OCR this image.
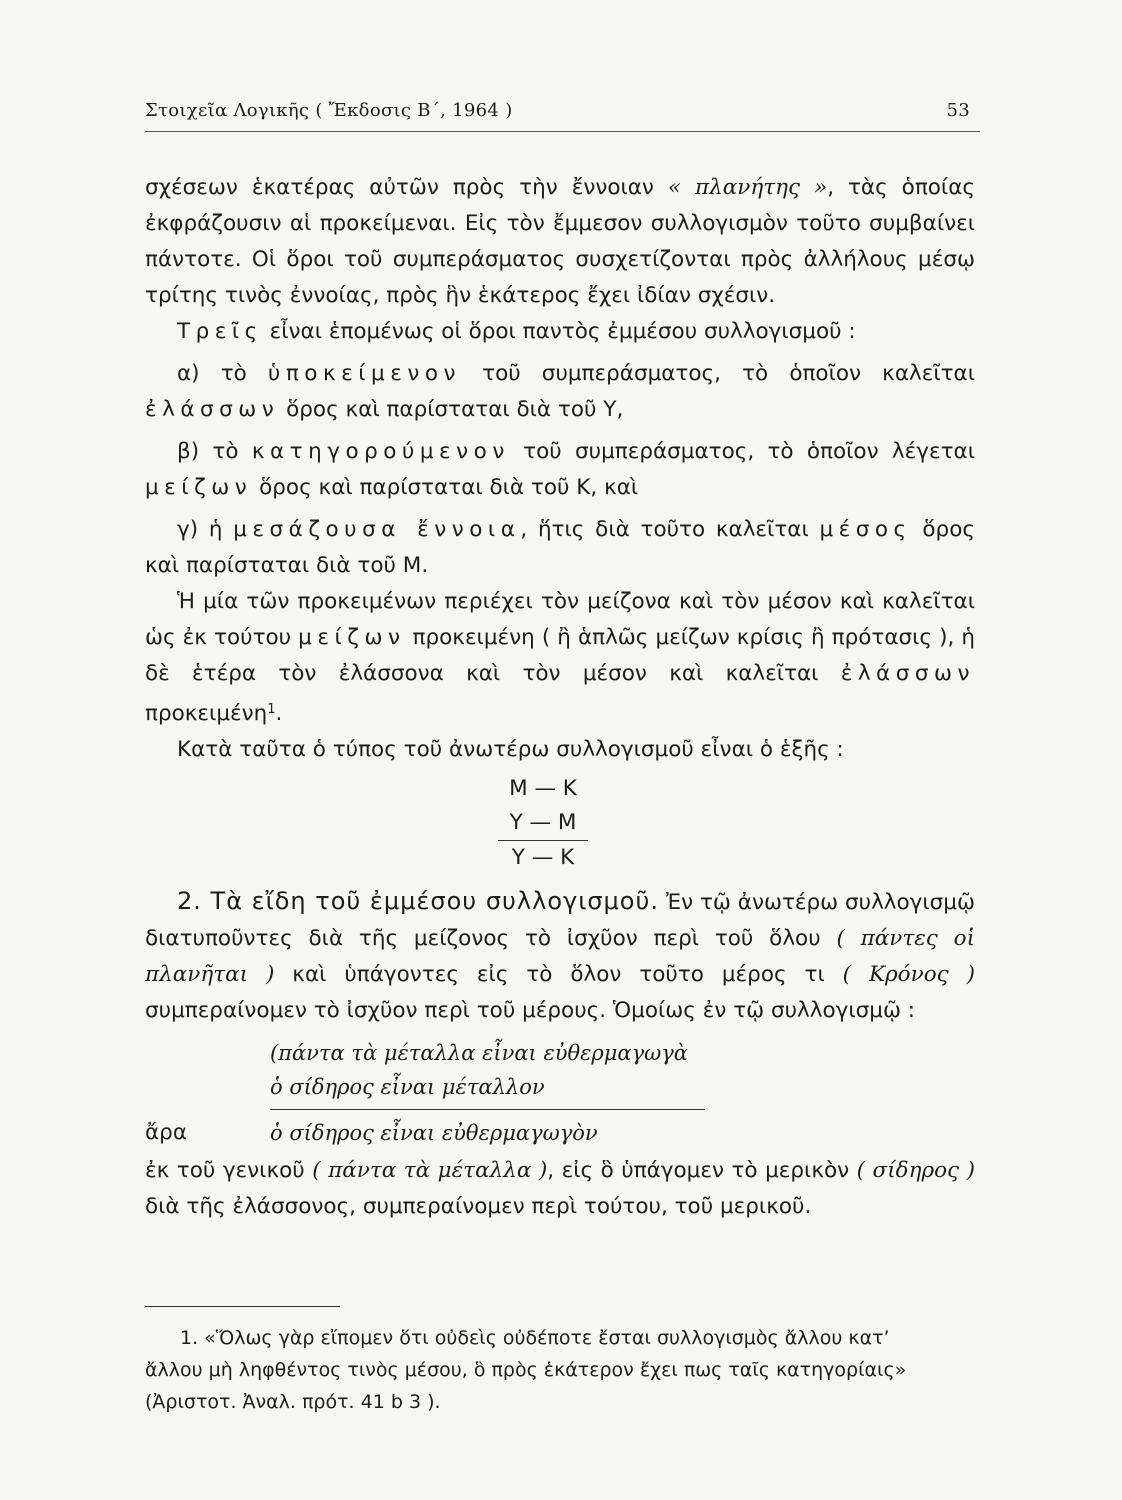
Στοιχεῖα Λογικῆς ( Ἔκδοσις Β΄, 1964 )	53

σχέσεων ἑκατέρας αὐτῶν πρὸς τὴν ἔννοιαν « πλανήτης », τὰς ὁποίας ἐκφράζουσιν αἱ προκείμεναι. Εἰς τὸν ἔμμεσον συλλογισμὸν τοῦτο συμβαίνει πάντοτε. Οἱ ὅροι τοῦ συμπεράσματος συσχετίζονται πρὸς ἀλλήλους μέσῳ τρίτης τινὸς ἐννοίας, πρὸς ἣν ἑκάτερος ἔχει ἰδίαν σχέσιν.

Τρεῖς εἶναι ἑπομένως οἱ ὅροι παντὸς ἐμμέσου συλλογισμοῦ :

α) τὸ ὑποκείμενον τοῦ συμπεράσματος, τὸ ὁποῖον καλεῖται ἐλάσσων ὅρος καὶ παρίσταται διὰ τοῦ Υ,

β) τὸ κατηγορούμενον τοῦ συμπεράσματος, τὸ ὁποῖον λέγεται μείζων ὅρος καὶ παρίσταται διὰ τοῦ Κ, καὶ

γ) ἡ μεσάζουσα ἔννοια, ἥτις διὰ τοῦτο καλεῖται μέσος ὅρος καὶ παρίσταται διὰ τοῦ Μ.

Ἡ μία τῶν προκειμένων περιέχει τὸν μείζονα καὶ τὸν μέσον καὶ καλεῖται ὡς ἐκ τούτου μείζων προκειμένη ( ἢ ἁπλῶς μείζων κρίσις ἢ πρότασις ), ἡ δὲ ἑτέρα τὸν ἐλάσσονα καὶ τὸν μέσον καὶ καλεῖται ἐλάσσων προκειμένη$^1$.

Κατὰ ταῦτα ὁ τύπος τοῦ ἀνωτέρω συλλογισμοῦ εἶναι ὁ ἑξῆς :

Μ — Κ
Υ — Μ
Υ — Κ

2. Τὰ εἴδη τοῦ ἐμμέσου συλλογισμοῦ. Ἐν τῷ ἀνωτέρω συλλογισμῷ διατυποῦντες διὰ τῆς μείζονος τὸ ἰσχῦον περὶ τοῦ ὅλου ( πάντες οἱ πλανῆται ) καὶ ὑπάγοντες εἰς τὸ ὅλον τοῦτο μέρος τι ( Κρόνος ) συμπεραίνομεν τὸ ἰσχῦον περὶ τοῦ μέρους. Ὁμοίως ἐν τῷ συλλογισμῷ :

(πάντα τὰ μέταλλα εἶναι εὐθερμαγωγὰ
ὁ σίδηρος εἶναι μέταλλον
ἄρα	ὁ σίδηρος εἶναι εὐθερμαγωγὸν

ἐκ τοῦ γενικοῦ ( πάντα τὰ μέταλλα ), εἰς ὃ ὑπάγομεν τὸ μερικὸν ( σίδηρος ) διὰ τῆς ἐλάσσονος, συμπεραίνομεν περὶ τούτου, τοῦ μερικοῦ.

1. «Ὅλως γὰρ εἴπομεν ὅτι οὐδεὶς οὐδέποτε ἔσται συλλογισμὸς ἄλλου κατ’

ἄλλου μὴ ληφθέντος τινὸς μέσου, ὃ πρὸς ἑκάτερον ἔχει πως ταῖς κατηγορίαις»

(Ἀριστοτ. Ἀναλ. πρότ. 41 b 3 ).
